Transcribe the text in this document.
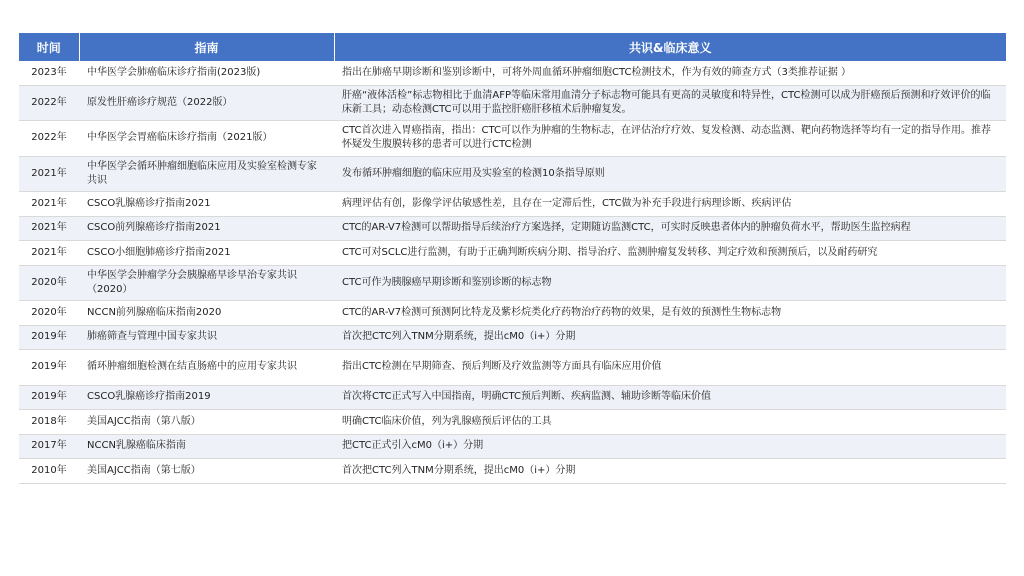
时间	指南	共识&临床意义
2023年	中华医学会肺癌临床诊疗指南(2023版)	指出在肺癌早期诊断和鉴别诊断中，可将外周血循环肿瘤细胞CTC检测技术，作为有效的筛查方式（3类推荐证据 ）
2022年	原发性肝癌诊疗规范（2022版）	肝癌“液体活检”标志物相比于血清AFP等临床常用血清分子标志物可能具有更高的灵敏度和特异性，CTC检测可以成为肝癌预后预测和疗效评价的临床新工具；动态检测CTC可以用于监控肝癌肝移植术后肿瘤复发。
2022年	中华医学会胃癌临床诊疗指南（2021版）	CTC首次进入胃癌指南，指出：CTC可以作为肿瘤的生物标志，在评估治疗疗效、复发检测、动态监测、靶向药物选择等均有一定的指导作用。推荐怀疑发生腹膜转移的患者可以进行CTC检测
2021年	中华医学会循环肿瘤细胞临床应用及实验室检测专家共识	发布循环肿瘤细胞的临床应用及实验室的检测10条指导原则
2021年	CSCO乳腺癌诊疗指南2021	病理评估有创，影像学评估敏感性差，且存在一定滞后性，CTC做为补充手段进行病理诊断、疾病评估
2021年	CSCO前列腺癌诊疗指南2021	CTC的AR-V7检测可以帮助指导后续治疗方案选择，定期随访监测CTC，可实时反映患者体内的肿瘤负荷水平，帮助医生监控病程
2021年	CSCO小细胞肺癌诊疗指南2021	CTC可对SCLC进行监测，有助于正确判断疾病分期、指导治疗、监测肿瘤复发转移、判定疗效和预测预后，以及耐药研究
2020年	中华医学会肿瘤学分会胰腺癌早诊早治专家共识（2020）	CTC可作为胰腺癌早期诊断和鉴别诊断的标志物
2020年	NCCN前列腺癌临床指南2020	CTC的AR-V7检测可预测阿比特龙及紫杉烷类化疗药物治疗药物的效果，是有效的预测性生物标志物
2019年	肺癌筛查与管理中国专家共识	首次把CTC列入TNM分期系统，提出cM0（i+）分期
2019年	循环肿瘤细胞检测在结直肠癌中的应用专家共识	指出CTC检测在早期筛查、预后判断及疗效监测等方面具有临床应用价值
2019年	CSCO乳腺癌诊疗指南2019	首次将CTC正式写入中国指南，明确CTC预后判断、疾病监测、辅助诊断等临床价值
2018年	美国AJCC指南（第八版）	明确CTC临床价值，列为乳腺癌预后评估的工具
2017年	NCCN乳腺癌临床指南	把CTC正式引入cM0（i+）分期
2010年	美国AJCC指南（第七版）	首次把CTC列入TNM分期系统，提出cM0（i+）分期
